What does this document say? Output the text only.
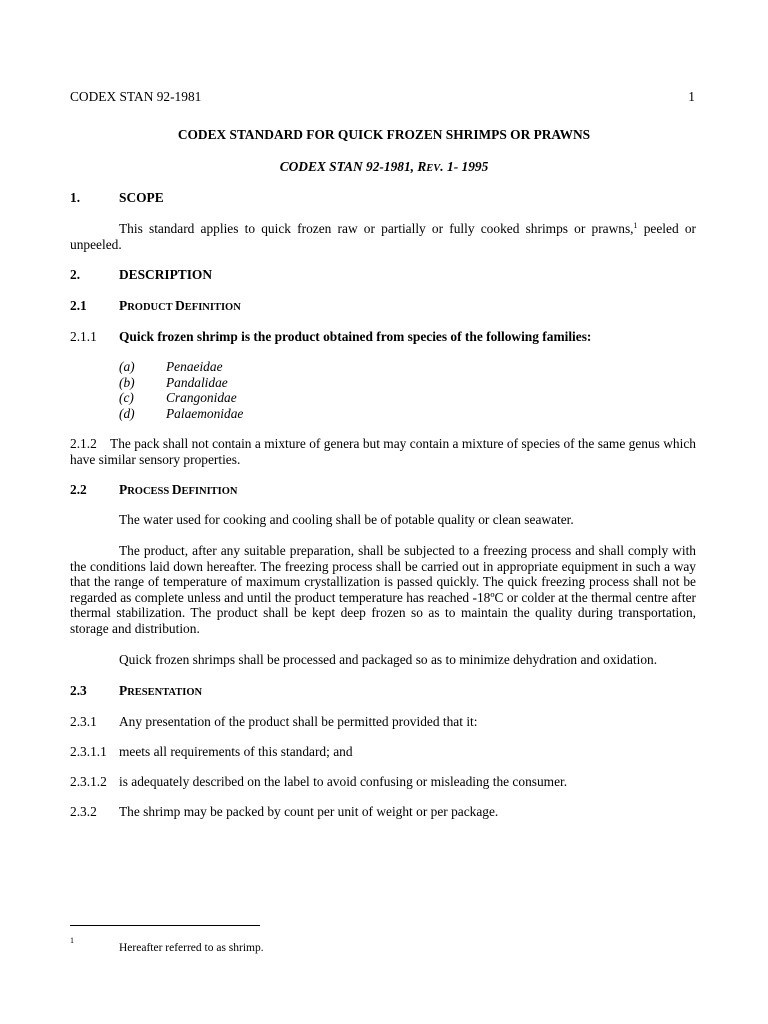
CODEX STAN 92-1981	1
CODEX STANDARD FOR QUICK FROZEN SHRIMPS OR PRAWNS
CODEX STAN 92-1981, REV. 1- 1995
1.	SCOPE
This standard applies to quick frozen raw or partially or fully cooked shrimps or prawns,$^1$ peeled or unpeeled.
2.	DESCRIPTION
2.1 PRODUCT DEFINITION
2.1.1 Quick frozen shrimp is the product obtained from species of the following families:
(a) Penaeidae
(b) Pandalidae
(c) Crangonidae
(d) Palaemonidae
2.1.2    The pack shall not contain a mixture of genera but may contain a mixture of species of the same genus which have similar sensory properties.
2.2 PROCESS DEFINITION
The water used for cooking and cooling shall be of potable quality or clean seawater.
The product, after any suitable preparation, shall be subjected to a freezing process and shall comply with the conditions laid down hereafter. The freezing process shall be carried out in appropriate equipment in such a way that the range of temperature of maximum crystallization is passed quickly. The quick freezing process shall not be regarded as complete unless and until the product temperature has reached -18ºC or colder at the thermal centre after thermal stabilization. The product shall be kept deep frozen so as to maintain the quality during transportation, storage and distribution.
Quick frozen shrimps shall be processed and packaged so as to minimize dehydration and oxidation.
2.3 PRESENTATION
2.3.1 Any presentation of the product shall be permitted provided that it:
2.3.1.1 meets all requirements of this standard; and
2.3.1.2 is adequately described on the label to avoid confusing or misleading the consumer.
2.3.2 The shrimp may be packed by count per unit of weight or per package.
1
Hereafter referred to as shrimp.
